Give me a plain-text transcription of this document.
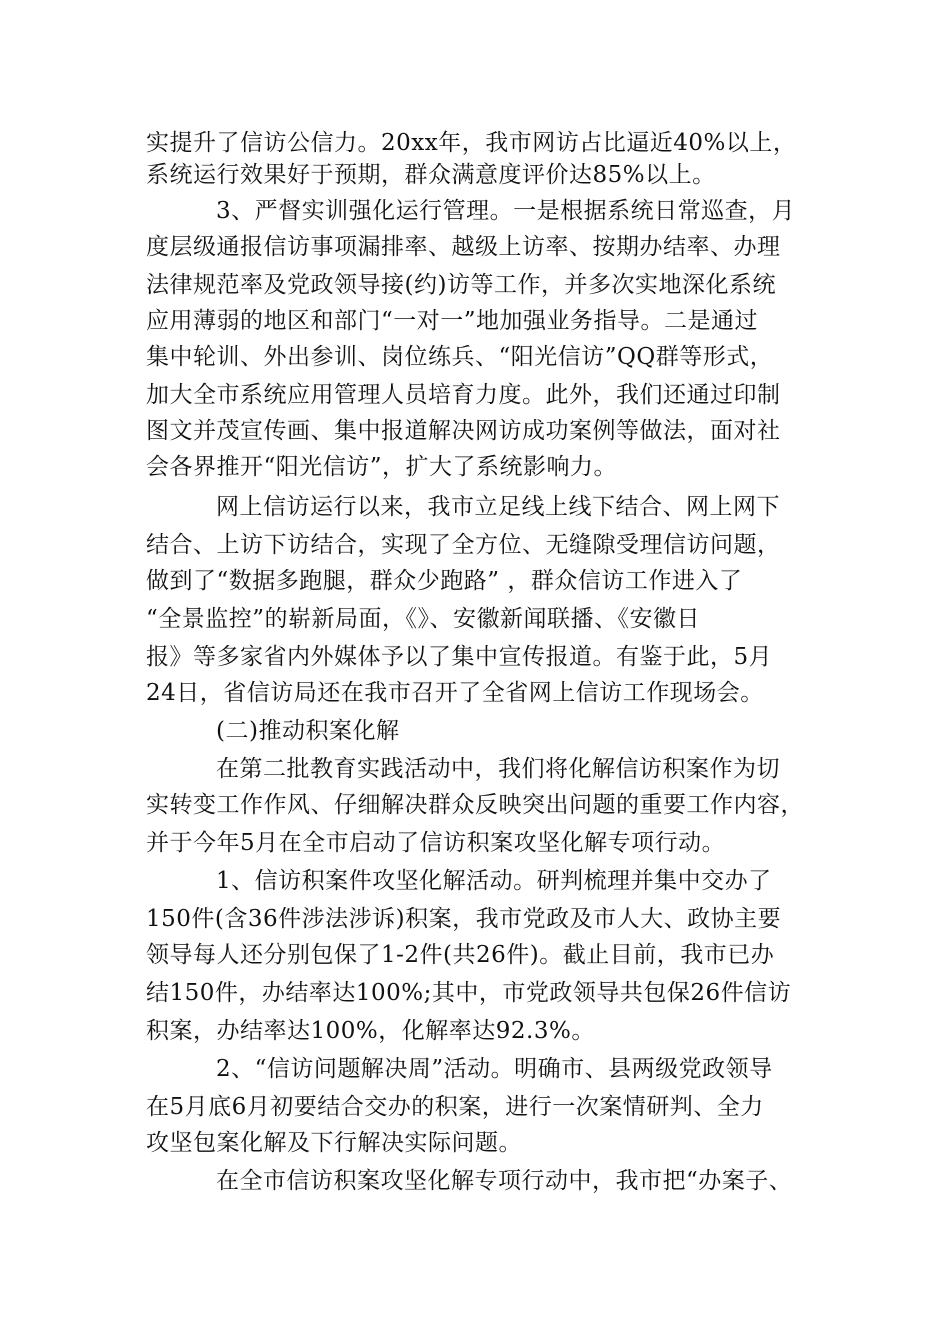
实提升了信访公信力。20xx年，我市网访占比逼近40%以上，
系统运行效果好于预期，群众满意度评价达85%以上。
3、严督实训强化运行管理。一是根据系统日常巡查，月
度层级通报信访事项漏排率、越级上访率、按期办结率、办理
法律规范率及党政领导接(约)访等工作，并多次实地深化系统
应用薄弱的地区和部门“一对一”地加强业务指导。二是通过
集中轮训、外出参训、岗位练兵、“阳光信访”QQ群等形式，
加大全市系统应用管理人员培育力度。此外，我们还通过印制
图文并茂宣传画、集中报道解决网访成功案例等做法，面对社
会各界推开“阳光信访”，扩大了系统影响力。
网上信访运行以来，我市立足线上线下结合、网上网下
结合、上访下访结合，实现了全方位、无缝隙受理信访问题，
做到了“数据多跑腿，群众少跑路” ，群众信访工作进入了
“全景监控”的崭新局面，《》、安徽新闻联播、《安徽日
报》等多家省内外媒体予以了集中宣传报道。有鉴于此，5月
24日，省信访局还在我市召开了全省网上信访工作现场会。
(二)推动积案化解
在第二批教育实践活动中，我们将化解信访积案作为切
实转变工作作风、仔细解决群众反映突出问题的重要工作内容，
并于今年5月在全市启动了信访积案攻坚化解专项行动。
1、信访积案件攻坚化解活动。研判梳理并集中交办了
150件(含36件涉法涉诉)积案，我市党政及市人大、政协主要
领导每人还分别包保了1-2件(共26件)。截止目前，我市已办
结150件，办结率达100%;其中，市党政领导共包保26件信访
积案，办结率达100%，化解率达92.3%。
2、“信访问题解决周”活动。明确市、县两级党政领导
在5月底6月初要结合交办的积案，进行一次案情研判、全力
攻坚包案化解及下行解决实际问题。
在全市信访积案攻坚化解专项行动中，我市把“办案子、
